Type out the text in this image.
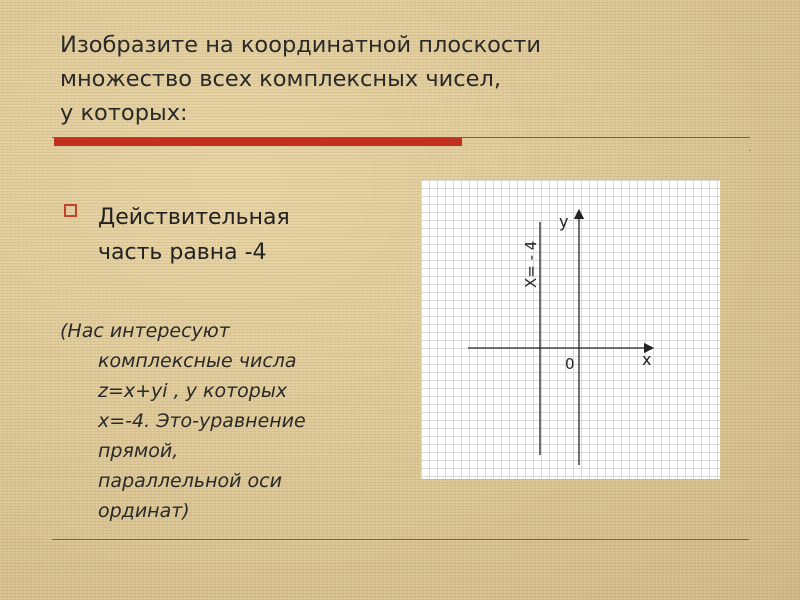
Изобразите на координатной плоскости
множество всех комплексных чисел,
у которых:
·
Действительная
часть равна -4
(Нас интересуют
комплексные числа
z=x+yi , у которых
x=-4. Это-уравнение
прямой,
параллельной оси
ординат)
y
x
0
X= - 4
